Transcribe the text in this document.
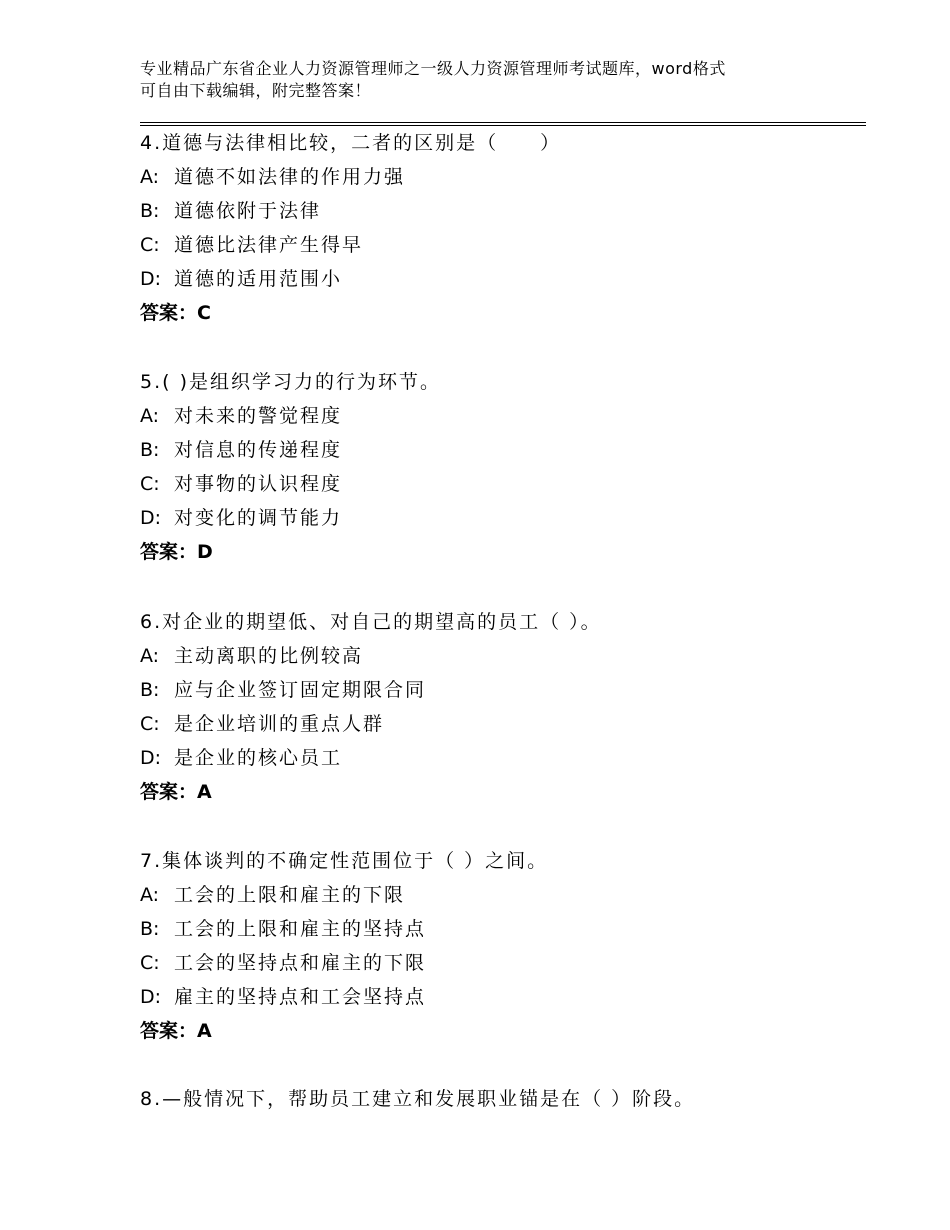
专业精品广东省企业人力资源管理师之一级人力资源管理师考试题库，word格式
可自由下载编辑，附完整答案！
4.道德与法律相比较，二者的区别是（　　）
A: 道德不如法律的作用力强
B: 道德依附于法律
C: 道德比法律产生得早
D: 道德的适用范围小
答案：C
5.( )是组织学习力的行为环节。
A: 对未来的警觉程度
B: 对信息的传递程度
C: 对事物的认识程度
D: 对变化的调节能力
答案：D
6.对企业的期望低、对自己的期望高的员工（ ）。
A: 主动离职的比例较高
B: 应与企业签订固定期限合同
C: 是企业培训的重点人群
D: 是企业的核心员工
答案：A
7.集体谈判的不确定性范围位于（ ）之间。
A: 工会的上限和雇主的下限
B: 工会的上限和雇主的坚持点
C: 工会的坚持点和雇主的下限
D: 雇主的坚持点和工会坚持点
答案：A
8.—般情况下，帮助员工建立和发展职业锚是在（ ）阶段。
